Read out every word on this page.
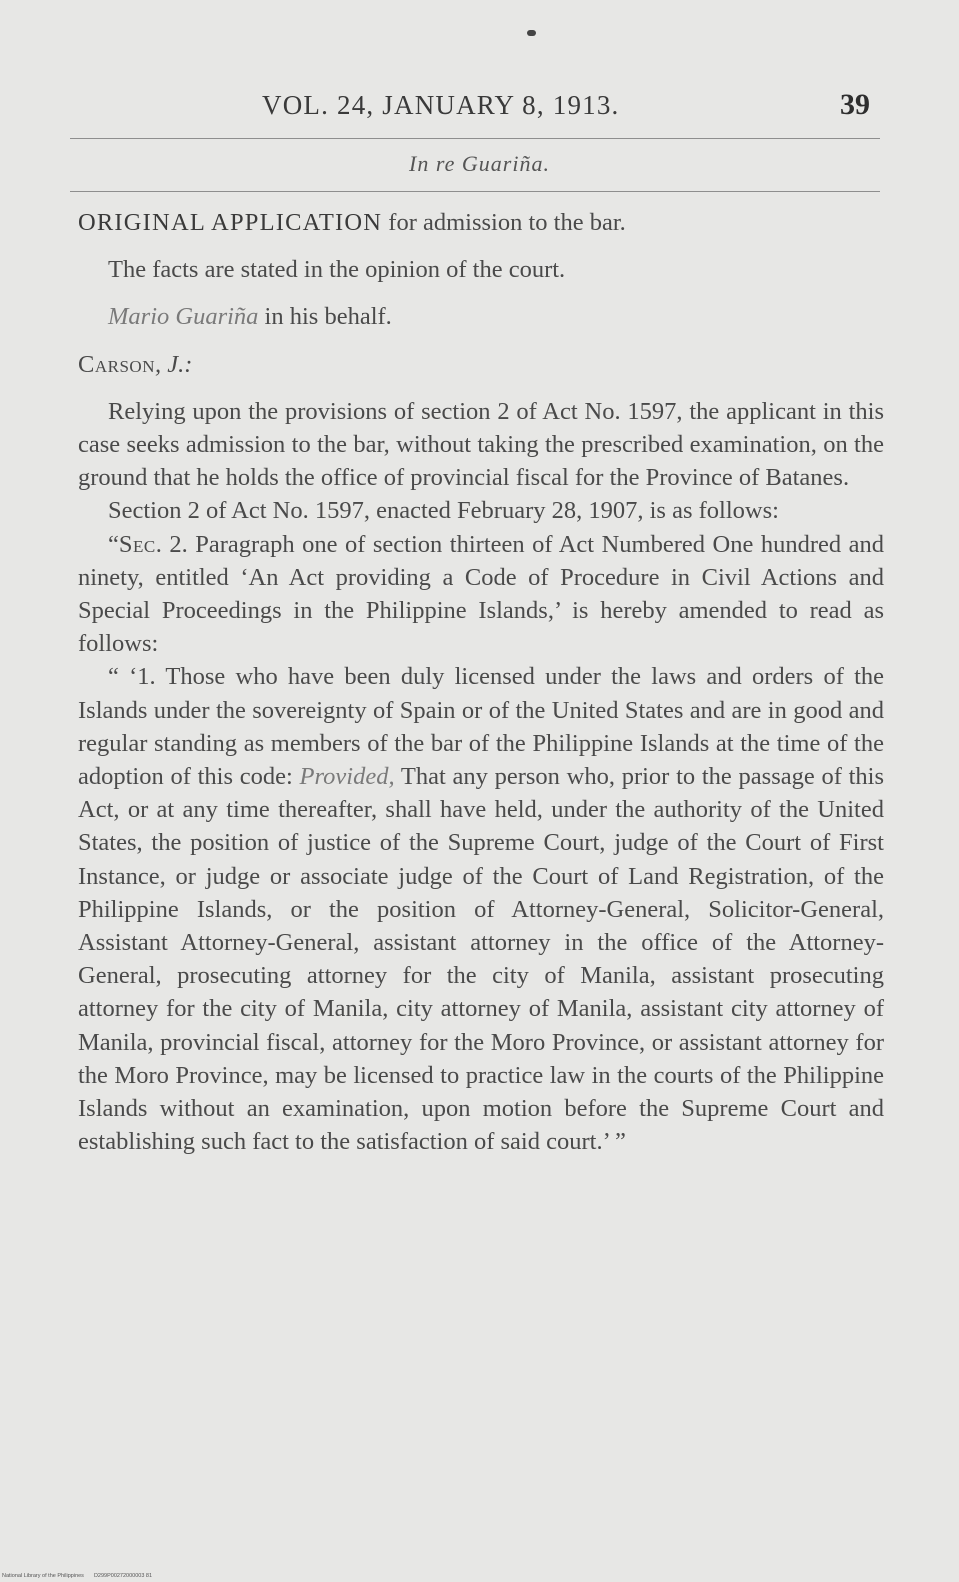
VOL. 24, JANUARY 8, 1913.	39
In re Guariña.

ORIGINAL APPLICATION for admission to the bar.

The facts are stated in the opinion of the court.

Mario Guariña in his behalf.

Carson, J.:

Relying upon the provisions of section 2 of Act No. 1597, the applicant in this case seeks admission to the bar, without taking the prescribed examination, on the ground that he holds the office of provincial fiscal for the Province of Batanes.

Section 2 of Act No. 1597, enacted February 28, 1907, is as follows:

“Sec. 2. Paragraph one of section thirteen of Act Numbered One hundred and ninety, entitled ‘An Act providing a Code of Procedure in Civil Actions and Special Proceedings in the Philippine Islands,’ is hereby amended to read as follows:

“ ‘1. Those who have been duly licensed under the laws and orders of the Islands under the sovereignty of Spain or of the United States and are in good and regular standing as members of the bar of the Philippine Islands at the time of the adoption of this code: Provided, That any person who, prior to the passage of this Act, or at any time thereafter, shall have held, under the authority of the United States, the position of justice of the Supreme Court, judge of the Court of First Instance, or judge or associate judge of the Court of Land Registration, of the Philippine Islands, or the position of Attorney-General, Solicitor-General, Assistant Attorney-General, assistant attorney in the office of the Attorney-General, prosecuting attorney for the city of Manila, assistant prosecuting attorney for the city of Manila, city attorney of Manila, assistant city attorney of Manila, provincial fiscal, attorney for the Moro Province, or assistant attorney for the Moro Province, may be licensed to practice law in the courts of the Philippine Islands without an examination, upon motion before the Supreme Court and establishing such fact to the satisfaction of said court.’ ”

National Library of the Philippines D299P00272000003 81
